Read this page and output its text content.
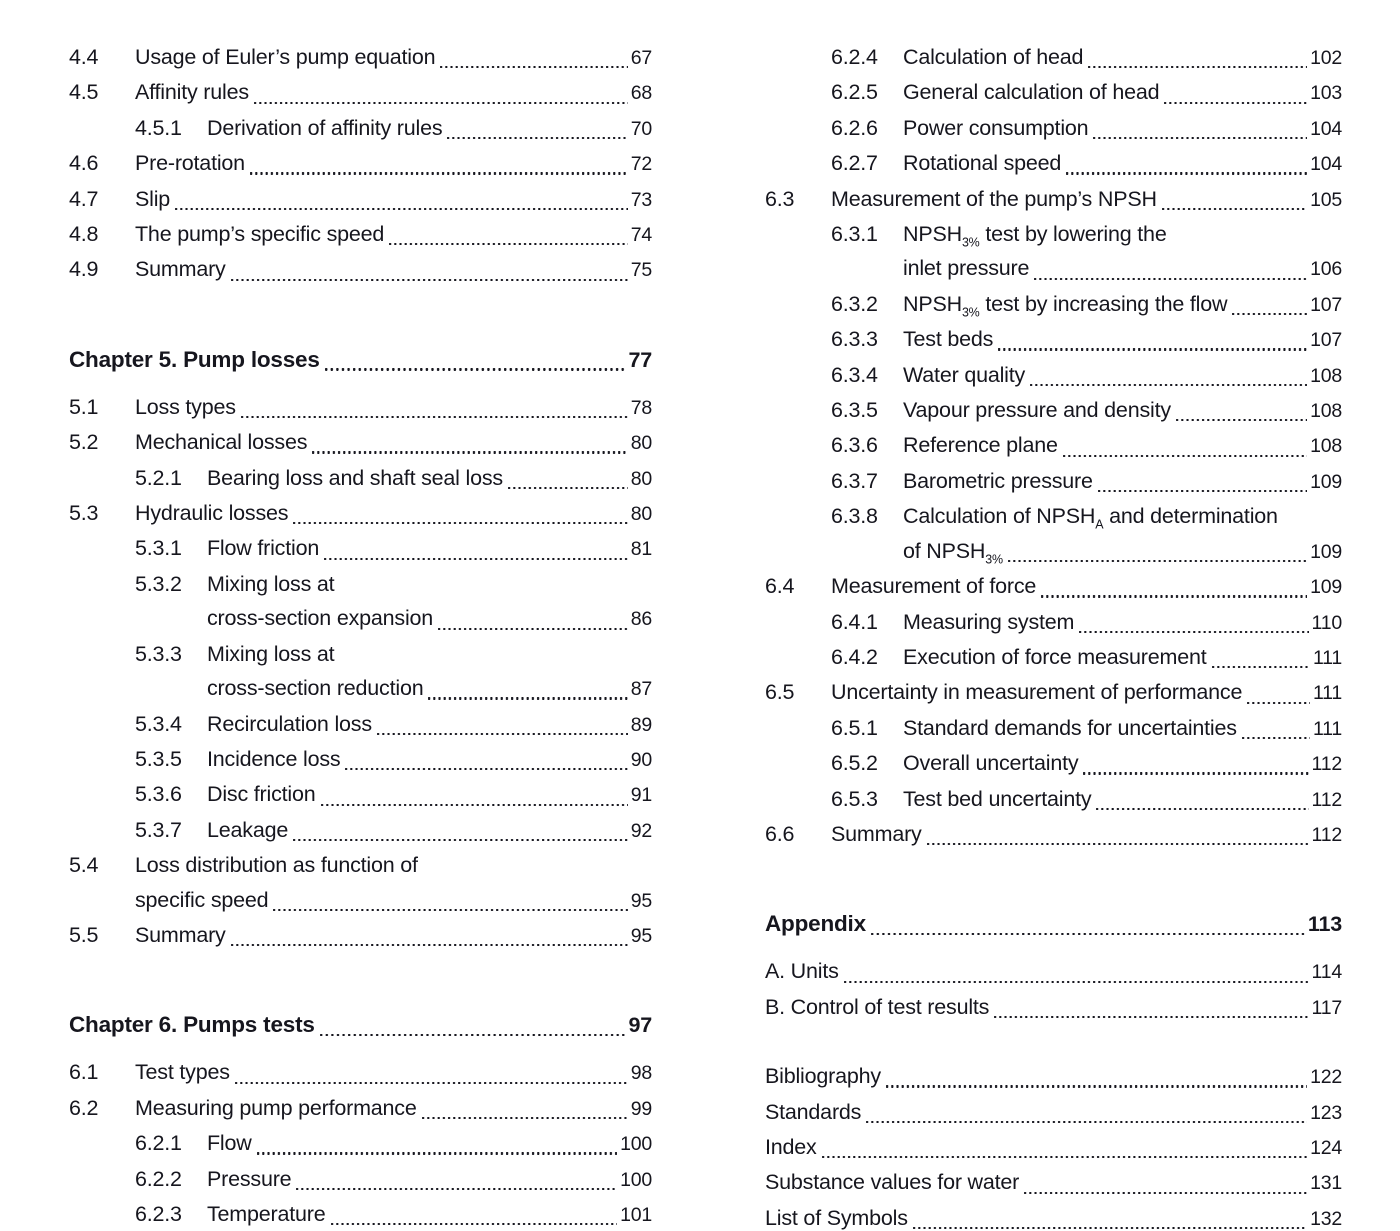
4.4	Usage of Euler’s pump equation	67
4.5	Affinity rules	68
4.5.1	Derivation of affinity rules	70
4.6	Pre-rotation	72
4.7	Slip	73
4.8	The pump’s specific speed	74
4.9	Summary	75
Chapter 5. Pump losses	77
5.1	Loss types	78
5.2	Mechanical losses	80
5.2.1	Bearing loss and shaft seal loss	80
5.3	Hydraulic losses	80
5.3.1	Flow friction	81
5.3.2	Mixing loss at
cross-section expansion	86
5.3.3	Mixing loss at
cross-section reduction	87
5.3.4	Recirculation loss	89
5.3.5	Incidence loss	90
5.3.6	Disc friction	91
5.3.7	Leakage	92
5.4	Loss distribution as function of
specific speed	95
5.5	Summary	95
Chapter 6. Pumps tests	97
6.1	Test types	98
6.2	Measuring pump performance	99
6.2.1	Flow	100
6.2.2	Pressure	100
6.2.3	Temperature	101
6.2.4	Calculation of head	102
6.2.5	General calculation of head	103
6.2.6	Power consumption	104
6.2.7	Rotational speed	104
6.3	Measurement of the pump’s NPSH	105
6.3.1	$NPSH_{3\%}$ test by lowering the
inlet pressure	106
6.3.2	$NPSH_{3\%}$ test by increasing the flow	107
6.3.3	Test beds	107
6.3.4	Water quality	108
6.3.5	Vapour pressure and density	108
6.3.6	Reference plane	108
6.3.7	Barometric pressure	109
6.3.8	Calculation of $NPSH_A$ and determination
of $NPSH_{3\%}$	109
6.4	Measurement of force	109
6.4.1	Measuring system	110
6.4.2	Execution of force measurement	111
6.5	Uncertainty in measurement of performance	111
6.5.1	Standard demands for uncertainties	111
6.5.2	Overall uncertainty	112
6.5.3	Test bed uncertainty	112
6.6	Summary	112
Appendix	113
A. Units	114
B. Control of test results	117
Bibliography	122
Standards	123
Index	124
Substance values for water	131
List of Symbols	132
